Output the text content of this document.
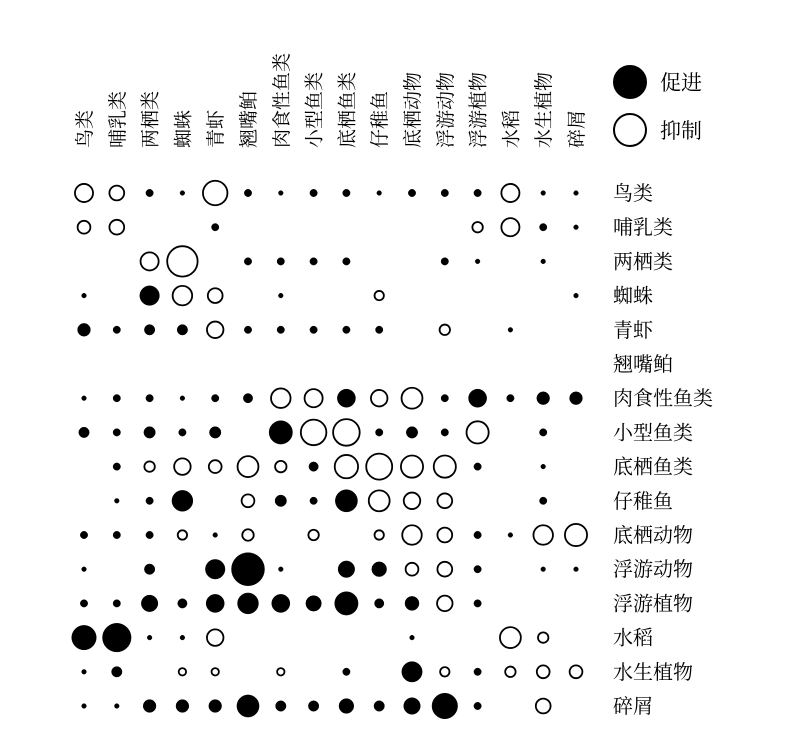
鸟类 哺乳类 两栖类 蜘蛛 青虾 翘嘴鲌 肉食性鱼类 小型鱼类 底栖鱼类 仔稚鱼 底栖动物 浮游动物 浮游植物 水稻 水生植物 碎屑
鸟类
哺乳类
两栖类
蜘蛛
青虾
翘嘴鲌
肉食性鱼类
小型鱼类
底栖鱼类
仔稚鱼
底栖动物
浮游动物
浮游植物
水稻
水生植物
碎屑
促进
抑制
